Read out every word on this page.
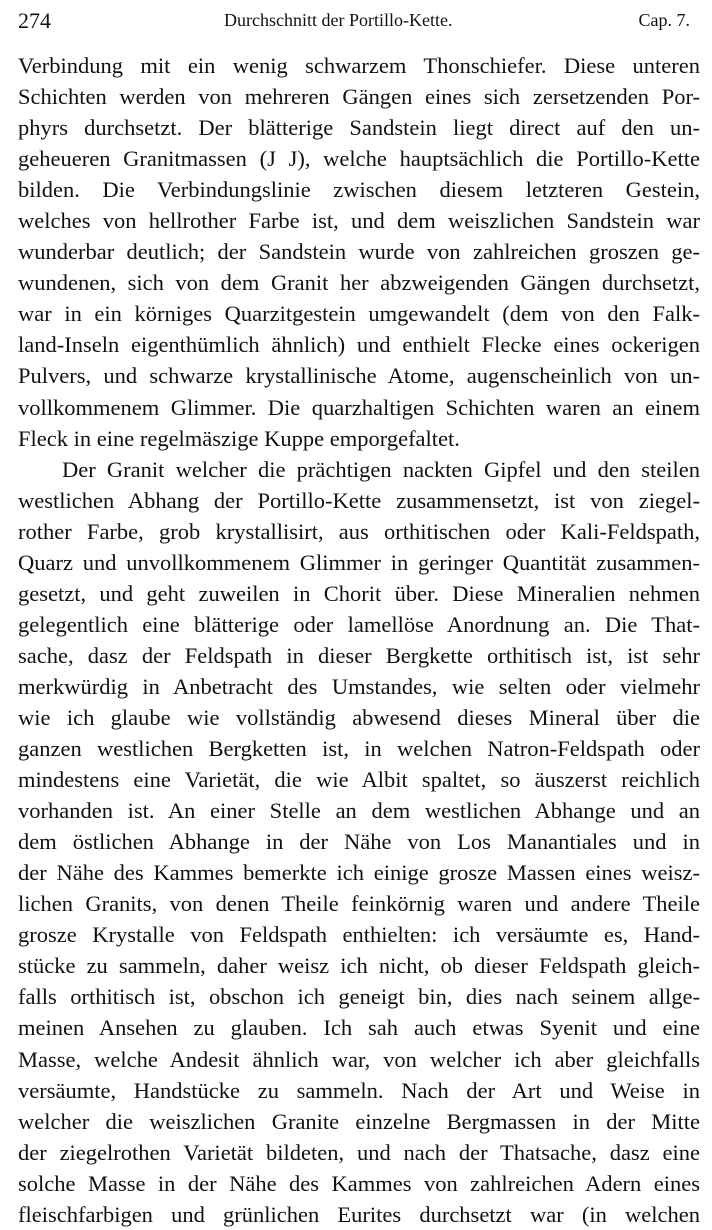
274	Durchschnitt der Portillo-Kette.	Cap. 7.
Verbindung mit ein wenig schwarzem Thonschiefer. Diese unteren
Schichten werden von mehreren Gängen eines sich zersetzenden Por-
phyrs durchsetzt. Der blätterige Sandstein liegt direct auf den un-
geheueren Granitmassen (J J), welche hauptsächlich die Portillo-Kette
bilden. Die Verbindungslinie zwischen diesem letzteren Gestein,
welches von hellrother Farbe ist, und dem weiszlichen Sandstein war
wunderbar deutlich; der Sandstein wurde von zahlreichen groszen ge-
wundenen, sich von dem Granit her abzweigenden Gängen durchsetzt,
war in ein körniges Quarzitgestein umgewandelt (dem von den Falk-
land-Inseln eigenthümlich ähnlich) und enthielt Flecke eines ockerigen
Pulvers, und schwarze krystallinische Atome, augenscheinlich von un-
vollkommenem Glimmer. Die quarzhaltigen Schichten waren an einem
Fleck in eine regelmäszige Kuppe emporgefaltet.
Der Granit welcher die prächtigen nackten Gipfel und den steilen
westlichen Abhang der Portillo-Kette zusammensetzt, ist von ziegel-
rother Farbe, grob krystallisirt, aus orthitischen oder Kali-Feldspath,
Quarz und unvollkommenem Glimmer in geringer Quantität zusammen-
gesetzt, und geht zuweilen in Chorit über. Diese Mineralien nehmen
gelegentlich eine blätterige oder lamellöse Anordnung an. Die That-
sache, dasz der Feldspath in dieser Bergkette orthitisch ist, ist sehr
merkwürdig in Anbetracht des Umstandes, wie selten oder vielmehr
wie ich glaube wie vollständig abwesend dieses Mineral über die
ganzen westlichen Bergketten ist, in welchen Natron-Feldspath oder
mindestens eine Varietät, die wie Albit spaltet, so äuszerst reichlich
vorhanden ist. An einer Stelle an dem westlichen Abhange und an
dem östlichen Abhange in der Nähe von Los Manantiales und in
der Nähe des Kammes bemerkte ich einige grosze Massen eines weisz-
lichen Granits, von denen Theile feinkörnig waren und andere Theile
grosze Krystalle von Feldspath enthielten: ich versäumte es, Hand-
stücke zu sammeln, daher weisz ich nicht, ob dieser Feldspath gleich-
falls orthitisch ist, obschon ich geneigt bin, dies nach seinem allge-
meinen Ansehen zu glauben. Ich sah auch etwas Syenit und eine
Masse, welche Andesit ähnlich war, von welcher ich aber gleichfalls
versäumte, Handstücke zu sammeln. Nach der Art und Weise in
welcher die weiszlichen Granite einzelne Bergmassen in der Mitte
der ziegelrothen Varietät bildeten, und nach der Thatsache, dasz eine
solche Masse in der Nähe des Kammes von zahlreichen Adern eines
fleischfarbigen und grünlichen Eurites durchsetzt war (in welchen
